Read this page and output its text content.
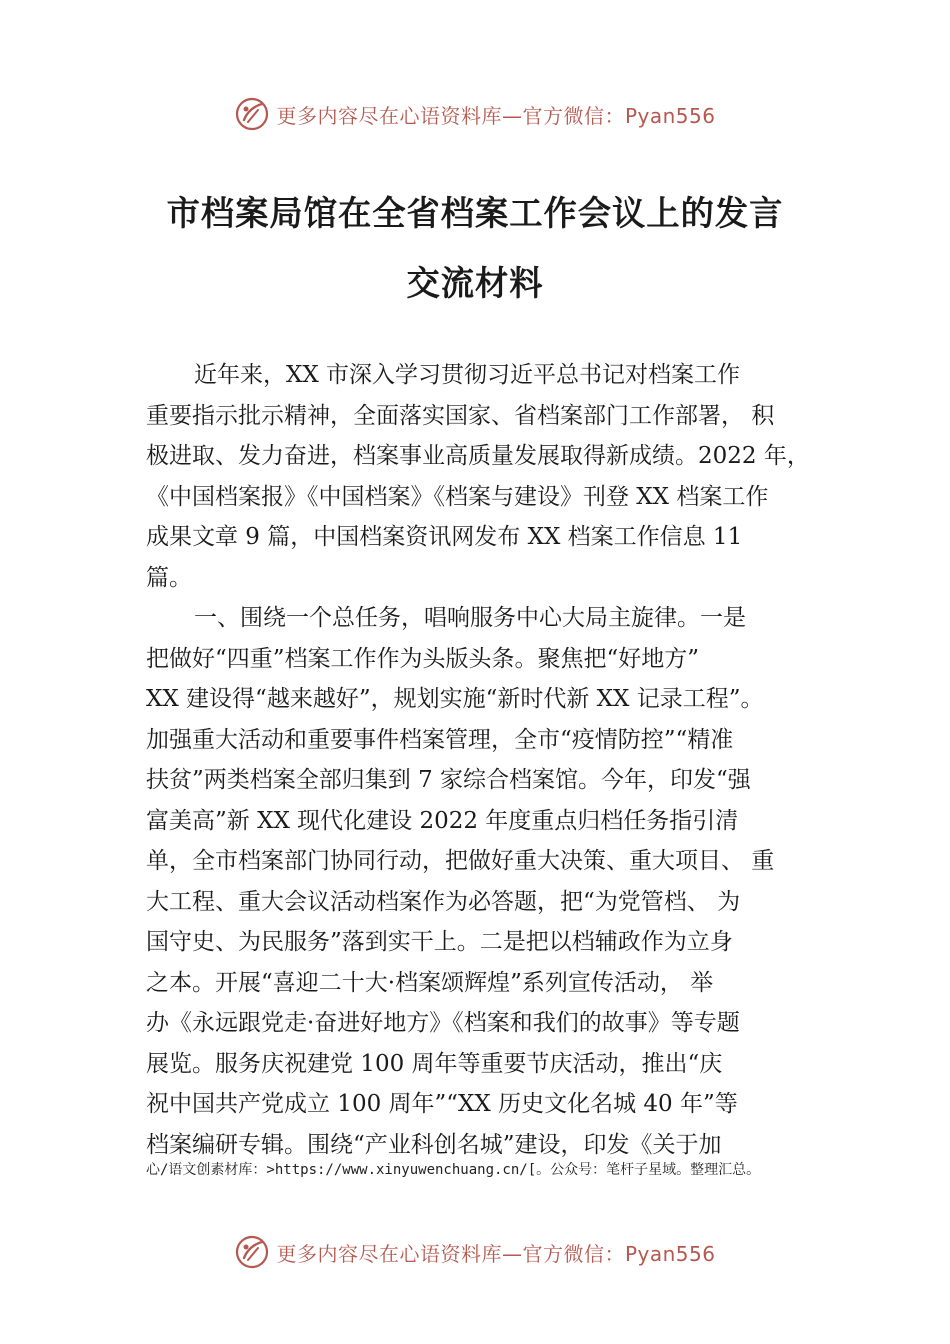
更多内容尽在心语资料库—官方微信：Pyan556
市档案局馆在全省档案工作会议上的发言
交流材料
近年来，XX 市深入学习贯彻习近平总书记对档案工作
重要指示批示精神，全面落实国家、省档案部门工作部署， 积
极进取、发力奋进，档案事业高质量发展取得新成绩。2022 年，
《中国档案报》《中国档案》《档案与建设》刊登 XX 档案工作
成果文章 9 篇，中国档案资讯网发布 XX 档案工作信息 11
篇。
一、围绕一个总任务，唱响服务中心大局主旋律。一是
把做好“四重”档案工作作为头版头条。聚焦把“好地方”
XX 建设得“越来越好”，规划实施“新时代新 XX 记录工程”。
加强重大活动和重要事件档案管理，全市“疫情防控”“精准
扶贫”两类档案全部归集到 7 家综合档案馆。今年，印发“强
富美高”新 XX 现代化建设 2022 年度重点归档任务指引清
单，全市档案部门协同行动，把做好重大决策、重大项目、 重
大工程、重大会议活动档案作为必答题，把“为党管档、 为
国守史、为民服务”落到实干上。二是把以档辅政作为立身
之本。开展“喜迎二十大·档案颂辉煌”系列宣传活动， 举
办《永远跟党走·奋进好地方》《档案和我们的故事》等专题
展览。服务庆祝建党 100 周年等重要节庆活动，推出“庆
祝中国共产党成立 100 周年”“XX 历史文化名城 40 年”等
档案编研专辑。围绕“产业科创名城”建设，印发《关于加
心/语文创素材库：>https://www.xinyuwenchuang.cn/[。公众号：笔杆子星域。整理汇总。
更多内容尽在心语资料库—官方微信：Pyan556
